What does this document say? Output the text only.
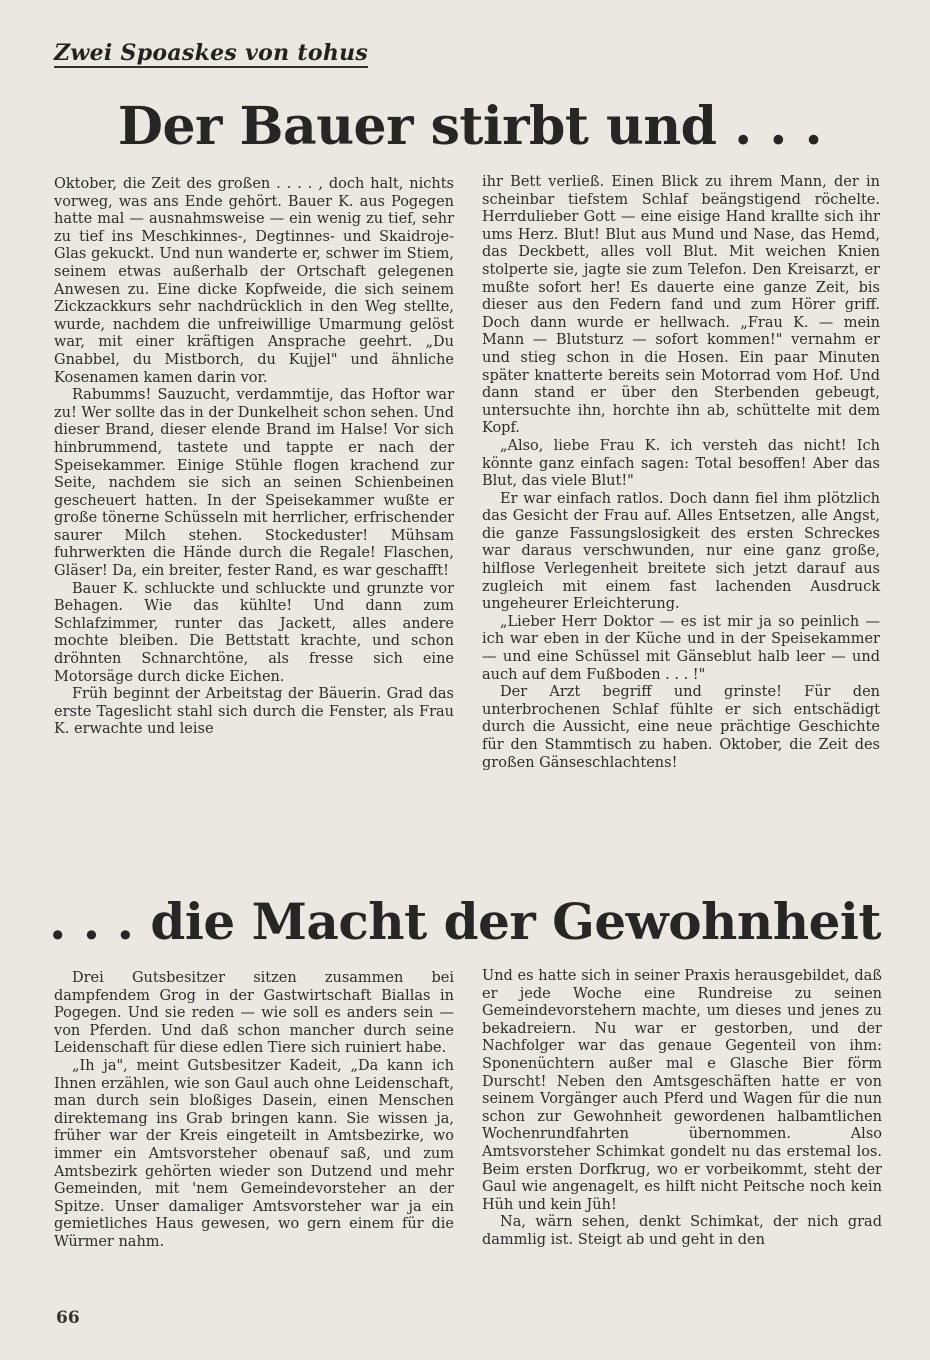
Zwei Spoaskes von tohus
Der Bauer stirbt und . . .

Oktober, die Zeit des großen . . . . , doch halt, nichts vorweg, was ans Ende gehört. Bauer K. aus Pogegen hatte mal — ausnahmsweise — ein wenig zu tief, sehr zu tief ins Meschkinnes-, Degtinnes- und Skaidroje-Glas gekuckt. Und nun wanderte er, schwer im Stiem, seinem etwas außerhalb der Ortschaft gelegenen Anwesen zu. Eine dicke Kopfweide, die sich seinem Zickzackkurs sehr nachdrücklich in den Weg stellte, wurde, nachdem die unfreiwillige Umarmung gelöst war, mit einer kräftigen Ansprache geehrt. „Du Gnabbel, du Mistborch, du Kujjel" und ähnliche Kosenamen kamen darin vor.

Rabumms! Sauzucht, verdammtije, das Hoftor war zu! Wer sollte das in der Dunkelheit schon sehen. Und dieser Brand, dieser elende Brand im Halse! Vor sich hinbrummend, tastete und tappte er nach der Speisekammer. Einige Stühle flogen krachend zur Seite, nachdem sie sich an seinen Schienbeinen gescheuert hatten. In der Speisekammer wußte er große tönerne Schüsseln mit herrlicher, erfrischender saurer Milch stehen. Stockeduster! Mühsam fuhrwerkten die Hände durch die Regale! Flaschen, Gläser! Da, ein breiter, fester Rand, es war geschafft!

Bauer K. schluckte und schluckte und grunzte vor Behagen. Wie das kühlte! Und dann zum Schlafzimmer, runter das Jackett, alles andere mochte bleiben. Die Bettstatt krachte, und schon dröhnten Schnarchtöne, als fresse sich eine Motorsäge durch dicke Eichen.

Früh beginnt der Arbeitstag der Bäuerin. Grad das erste Tageslicht stahl sich durch die Fenster, als Frau K. erwachte und leise

ihr Bett verließ. Einen Blick zu ihrem Mann, der in scheinbar tiefstem Schlaf beängstigend röchelte. Herrdulieber Gott — eine eisige Hand krallte sich ihr ums Herz. Blut! Blut aus Mund und Nase, das Hemd, das Deckbett, alles voll Blut. Mit weichen Knien stolperte sie, jagte sie zum Telefon. Den Kreisarzt, er mußte sofort her! Es dauerte eine ganze Zeit, bis dieser aus den Federn fand und zum Hörer griff. Doch dann wurde er hellwach. „Frau K. — mein Mann — Blutsturz — sofort kommen!" vernahm er und stieg schon in die Hosen. Ein paar Minuten später knatterte bereits sein Motorrad vom Hof. Und dann stand er über den Sterbenden gebeugt, untersuchte ihn, horchte ihn ab, schüttelte mit dem Kopf.

„Also, liebe Frau K. ich versteh das nicht! Ich könnte ganz einfach sagen: Total besoffen! Aber das Blut, das viele Blut!"

Er war einfach ratlos. Doch dann fiel ihm plötzlich das Gesicht der Frau auf. Alles Entsetzen, alle Angst, die ganze Fassungslosigkeit des ersten Schreckes war daraus verschwunden, nur eine ganz große, hilflose Verlegenheit breitete sich jetzt darauf aus zugleich mit einem fast lachenden Ausdruck ungeheurer Erleichterung.

„Lieber Herr Doktor — es ist mir ja so peinlich — ich war eben in der Küche und in der Speisekammer — und eine Schüssel mit Gänseblut halb leer — und auch auf dem Fußboden . . . !"

Der Arzt begriff und grinste! Für den unterbrochenen Schlaf fühlte er sich entschädigt durch die Aussicht, eine neue prächtige Geschichte für den Stammtisch zu haben. Oktober, die Zeit des großen Gänseschlachtens!

. . . die Macht der Gewohnheit

Drei Gutsbesitzer sitzen zusammen bei dampfendem Grog in der Gastwirtschaft Biallas in Pogegen. Und sie reden — wie soll es anders sein — von Pferden. Und daß schon mancher durch seine Leidenschaft für diese edlen Tiere sich ruiniert habe.

„Ih ja", meint Gutsbesitzer Kadeit, „Da kann ich Ihnen erzählen, wie son Gaul auch ohne Leidenschaft, man durch sein bloßiges Dasein, einen Menschen direktemang ins Grab bringen kann. Sie wissen ja, früher war der Kreis eingeteilt in Amtsbezirke, wo immer ein Amtsvorsteher obenauf saß, und zum Amtsbezirk gehörten wieder son Dutzend und mehr Gemeinden, mit 'nem Gemeindevorsteher an der Spitze. Unser damaliger Amtsvorsteher war ja ein gemietliches Haus gewesen, wo gern einem für die Würmer nahm.

Und es hatte sich in seiner Praxis herausgebildet, daß er jede Woche eine Rundreise zu seinen Gemeindevorstehern machte, um dieses und jenes zu bekadreiern. Nu war er gestorben, und der Nachfolger war das genaue Gegenteil von ihm: Sponenüchtern außer mal e Glasche Bier förm Durscht! Neben den Amtsgeschäften hatte er von seinem Vorgänger auch Pferd und Wagen für die nun schon zur Gewohnheit gewordenen halbamtlichen Wochenrundfahrten übernommen. Also Amtsvorsteher Schimkat gondelt nu das erstemal los. Beim ersten Dorfkrug, wo er vorbeikommt, steht der Gaul wie angenagelt, es hilft nicht Peitsche noch kein Hüh und kein Jüh!

Na, wärn sehen, denkt Schimkat, der nich grad dammlig ist. Steigt ab und geht in den

66
